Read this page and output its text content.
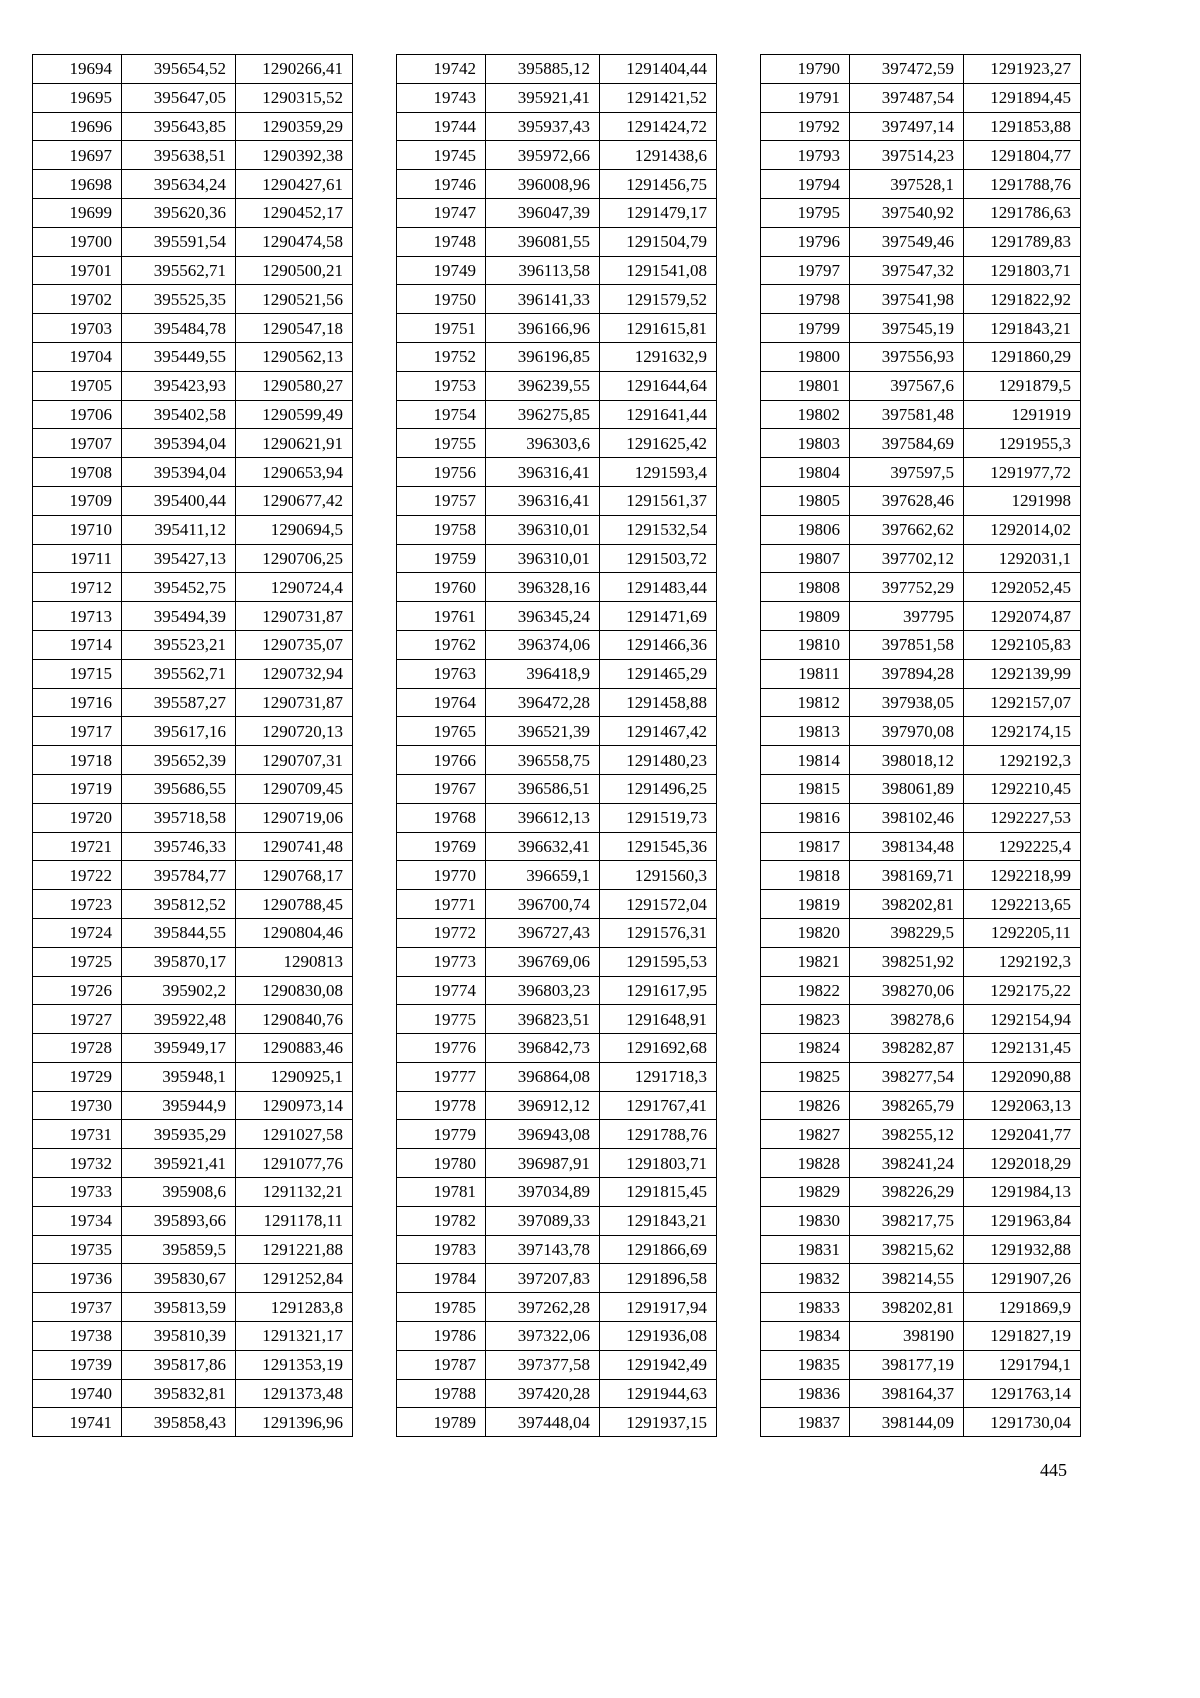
19694	395654,52	1290266,41
19695	395647,05	1290315,52
19696	395643,85	1290359,29
19697	395638,51	1290392,38
19698	395634,24	1290427,61
19699	395620,36	1290452,17
19700	395591,54	1290474,58
19701	395562,71	1290500,21
19702	395525,35	1290521,56
19703	395484,78	1290547,18
19704	395449,55	1290562,13
19705	395423,93	1290580,27
19706	395402,58	1290599,49
19707	395394,04	1290621,91
19708	395394,04	1290653,94
19709	395400,44	1290677,42
19710	395411,12	1290694,5
19711	395427,13	1290706,25
19712	395452,75	1290724,4
19713	395494,39	1290731,87
19714	395523,21	1290735,07
19715	395562,71	1290732,94
19716	395587,27	1290731,87
19717	395617,16	1290720,13
19718	395652,39	1290707,31
19719	395686,55	1290709,45
19720	395718,58	1290719,06
19721	395746,33	1290741,48
19722	395784,77	1290768,17
19723	395812,52	1290788,45
19724	395844,55	1290804,46
19725	395870,17	1290813
19726	395902,2	1290830,08
19727	395922,48	1290840,76
19728	395949,17	1290883,46
19729	395948,1	1290925,1
19730	395944,9	1290973,14
19731	395935,29	1291027,58
19732	395921,41	1291077,76
19733	395908,6	1291132,21
19734	395893,66	1291178,11
19735	395859,5	1291221,88
19736	395830,67	1291252,84
19737	395813,59	1291283,8
19738	395810,39	1291321,17
19739	395817,86	1291353,19
19740	395832,81	1291373,48
19741	395858,43	1291396,96
19742	395885,12	1291404,44
19743	395921,41	1291421,52
19744	395937,43	1291424,72
19745	395972,66	1291438,6
19746	396008,96	1291456,75
19747	396047,39	1291479,17
19748	396081,55	1291504,79
19749	396113,58	1291541,08
19750	396141,33	1291579,52
19751	396166,96	1291615,81
19752	396196,85	1291632,9
19753	396239,55	1291644,64
19754	396275,85	1291641,44
19755	396303,6	1291625,42
19756	396316,41	1291593,4
19757	396316,41	1291561,37
19758	396310,01	1291532,54
19759	396310,01	1291503,72
19760	396328,16	1291483,44
19761	396345,24	1291471,69
19762	396374,06	1291466,36
19763	396418,9	1291465,29
19764	396472,28	1291458,88
19765	396521,39	1291467,42
19766	396558,75	1291480,23
19767	396586,51	1291496,25
19768	396612,13	1291519,73
19769	396632,41	1291545,36
19770	396659,1	1291560,3
19771	396700,74	1291572,04
19772	396727,43	1291576,31
19773	396769,06	1291595,53
19774	396803,23	1291617,95
19775	396823,51	1291648,91
19776	396842,73	1291692,68
19777	396864,08	1291718,3
19778	396912,12	1291767,41
19779	396943,08	1291788,76
19780	396987,91	1291803,71
19781	397034,89	1291815,45
19782	397089,33	1291843,21
19783	397143,78	1291866,69
19784	397207,83	1291896,58
19785	397262,28	1291917,94
19786	397322,06	1291936,08
19787	397377,58	1291942,49
19788	397420,28	1291944,63
19789	397448,04	1291937,15
19790	397472,59	1291923,27
19791	397487,54	1291894,45
19792	397497,14	1291853,88
19793	397514,23	1291804,77
19794	397528,1	1291788,76
19795	397540,92	1291786,63
19796	397549,46	1291789,83
19797	397547,32	1291803,71
19798	397541,98	1291822,92
19799	397545,19	1291843,21
19800	397556,93	1291860,29
19801	397567,6	1291879,5
19802	397581,48	1291919
19803	397584,69	1291955,3
19804	397597,5	1291977,72
19805	397628,46	1291998
19806	397662,62	1292014,02
19807	397702,12	1292031,1
19808	397752,29	1292052,45
19809	397795	1292074,87
19810	397851,58	1292105,83
19811	397894,28	1292139,99
19812	397938,05	1292157,07
19813	397970,08	1292174,15
19814	398018,12	1292192,3
19815	398061,89	1292210,45
19816	398102,46	1292227,53
19817	398134,48	1292225,4
19818	398169,71	1292218,99
19819	398202,81	1292213,65
19820	398229,5	1292205,11
19821	398251,92	1292192,3
19822	398270,06	1292175,22
19823	398278,6	1292154,94
19824	398282,87	1292131,45
19825	398277,54	1292090,88
19826	398265,79	1292063,13
19827	398255,12	1292041,77
19828	398241,24	1292018,29
19829	398226,29	1291984,13
19830	398217,75	1291963,84
19831	398215,62	1291932,88
19832	398214,55	1291907,26
19833	398202,81	1291869,9
19834	398190	1291827,19
19835	398177,19	1291794,1
19836	398164,37	1291763,14
19837	398144,09	1291730,04
445
